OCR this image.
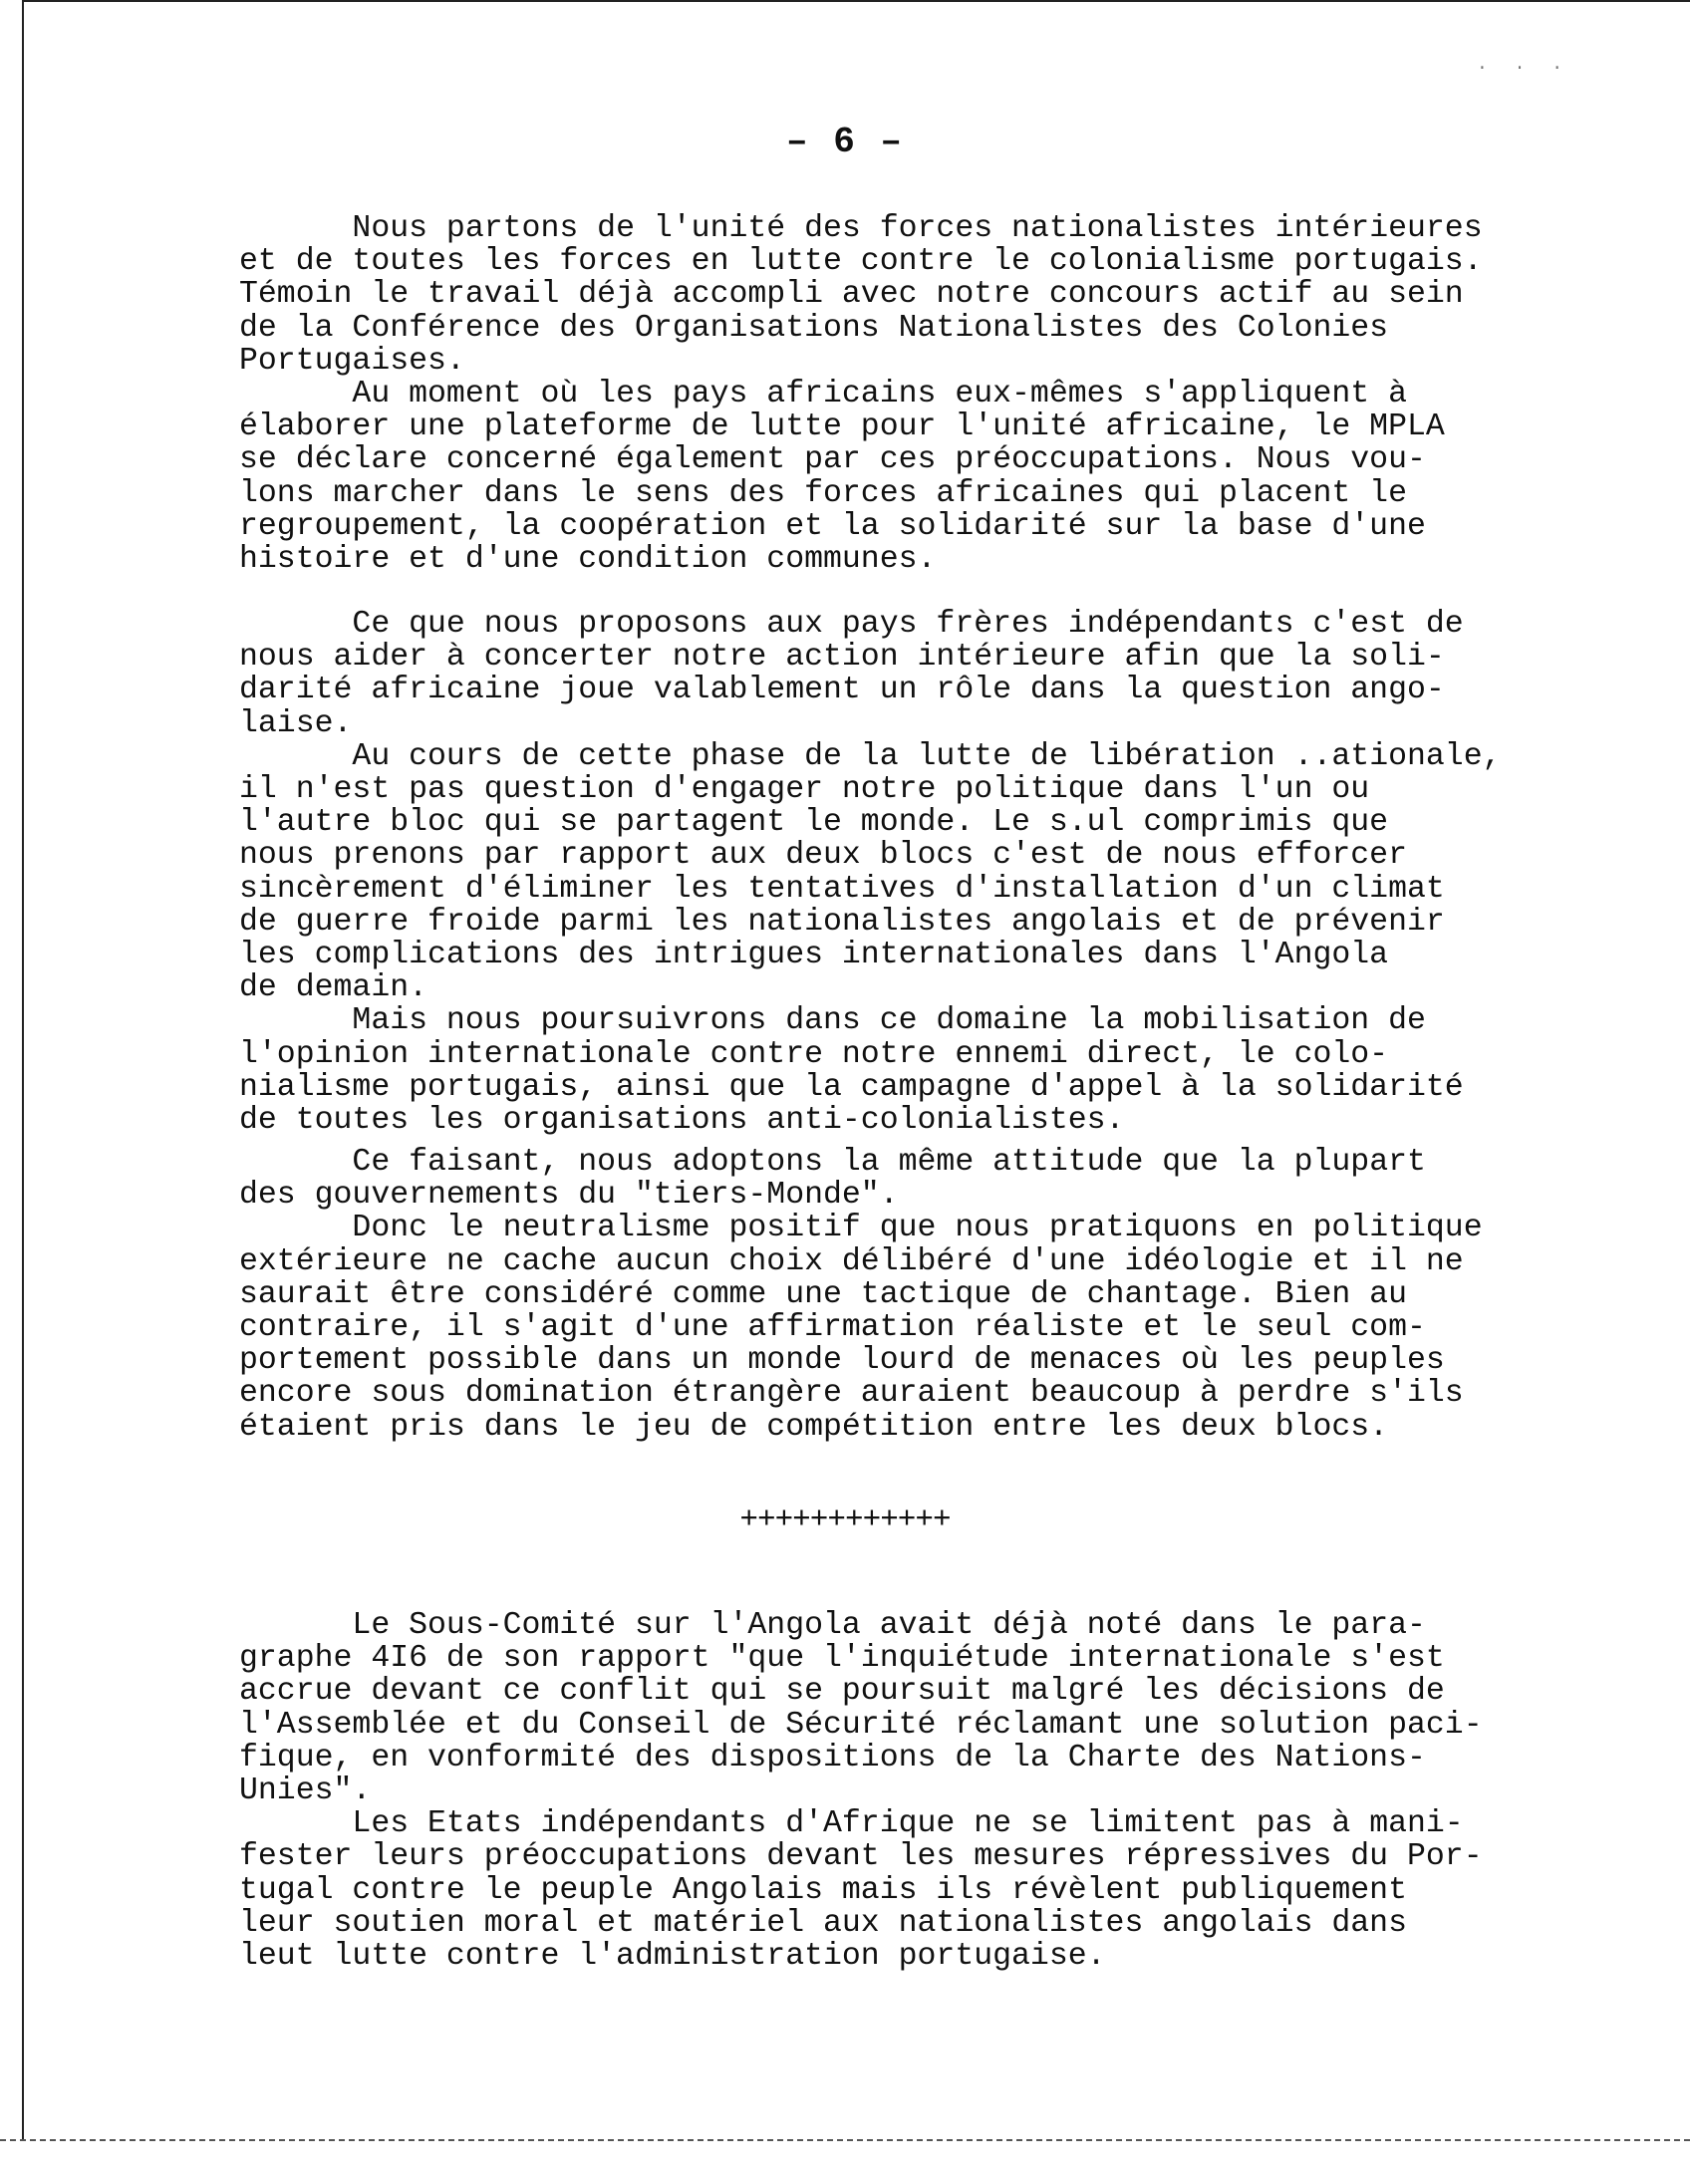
. . .
– 6 –

Nous partons de l'unité des forces nationalistes intérieures
et de toutes les forces en lutte contre le colonialisme portugais.
Témoin le travail déjà accompli avec notre concours actif au sein
de la Conférence des Organisations Nationalistes des Colonies
Portugaises.

Au moment où les pays africains eux-mêmes s'appliquent à
élaborer une plateforme de lutte pour l'unité africaine, le MPLA
se déclare concerné également par ces préoccupations. Nous vou-
lons marcher dans le sens des forces africaines qui placent le
regroupement, la coopération et la solidarité sur la base d'une
histoire et d'une condition communes.

Ce que nous proposons aux pays frères indépendants c'est de
nous aider à concerter notre action intérieure afin que la soli-
darité africaine joue valablement un rôle dans la question ango-
laise.

Au cours de cette phase de la lutte de libération ..ationale,
il n'est pas question d'engager notre politique dans l'un ou
l'autre bloc qui se partagent le monde. Le s.ul comprimis que
nous prenons par rapport aux deux blocs c'est de nous efforcer
sincèrement d'éliminer les tentatives d'installation d'un climat
de guerre froide parmi les nationalistes angolais et de prévenir
les complications des intrigues internationales dans l'Angola
de demain.

Mais nous poursuivrons dans ce domaine la mobilisation de
l'opinion internationale contre notre ennemi direct, le colo-
nialisme portugais, ainsi que la campagne d'appel à la solidarité
de toutes les organisations anti-colonialistes.

Ce faisant, nous adoptons la même attitude que la plupart
des gouvernements du "tiers-Monde".

Donc le neutralisme positif que nous pratiquons en politique
extérieure ne cache aucun choix délibéré d'une idéologie et il ne
saurait être considéré comme une tactique de chantage. Bien au
contraire, il s'agit d'une affirmation réaliste et le seul com-
portement possible dans un monde lourd de menaces où les peuples
encore sous domination étrangère auraient beaucoup à perdre s'ils
étaient pris dans le jeu de compétition entre les deux blocs.

++++++++++++

Le Sous-Comité sur l'Angola avait déjà noté dans le para-
graphe 4I6 de son rapport "que l'inquiétude internationale s'est
accrue devant ce conflit qui se poursuit malgré les décisions de
l'Assemblée et du Conseil de Sécurité réclamant une solution paci-
fique, en vonformité des dispositions de la Charte des Nations-
Unies".

Les Etats indépendants d'Afrique ne se limitent pas à mani-
fester leurs préoccupations devant les mesures répressives du Por-
tugal contre le peuple Angolais mais ils révèlent publiquement
leur soutien moral et matériel aux nationalistes angolais dans
leut lutte contre l'administration portugaise.
